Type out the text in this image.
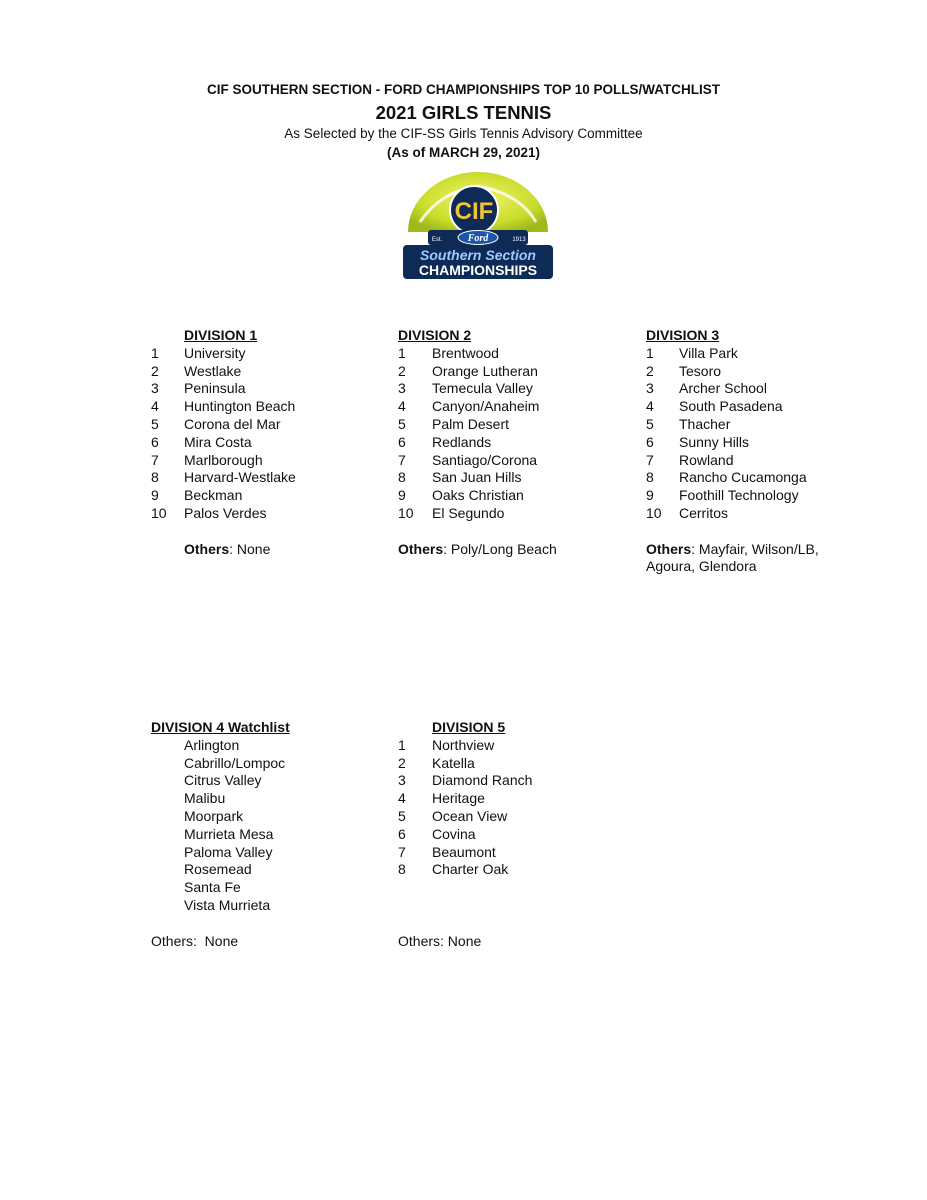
CIF SOUTHERN SECTION - FORD CHAMPIONSHIPS TOP 10 POLLS/WATCHLIST
2021 GIRLS TENNIS
As Selected by the CIF-SS Girls Tennis Advisory Committee
(As of MARCH 29, 2021)
CIF
Ford
Est.	1913
Southern Section
CHAMPIONSHIPS
DIVISION 1
1 University
2 Westlake
3 Peninsula
4 Huntington Beach
5 Corona del Mar
6 Mira Costa
7 Marlborough
8 Harvard-Westlake
9 Beckman
10 Palos Verdes
Others: None
DIVISION 2
1 Brentwood
2 Orange Lutheran
3 Temecula Valley
4 Canyon/Anaheim
5 Palm Desert
6 Redlands
7 Santiago/Corona
8 San Juan Hills
9 Oaks Christian
10 El Segundo
Others: Poly/Long Beach
DIVISION 3
1 Villa Park
2 Tesoro
3 Archer School
4 South Pasadena
5 Thacher
6 Sunny Hills
7 Rowland
8 Rancho Cucamonga
9 Foothill Technology
10 Cerritos
Others: Mayfair, Wilson/LB,
Agoura, Glendora
DIVISION 4 Watchlist
Arlington
Cabrillo/Lompoc
Citrus Valley
Malibu
Moorpark
Murrieta Mesa
Paloma Valley
Rosemead
Santa Fe
Vista Murrieta
Others:  None
DIVISION 5
1 Northview
2 Katella
3 Diamond Ranch
4 Heritage
5 Ocean View
6 Covina
7 Beaumont
8 Charter Oak
Others: None
